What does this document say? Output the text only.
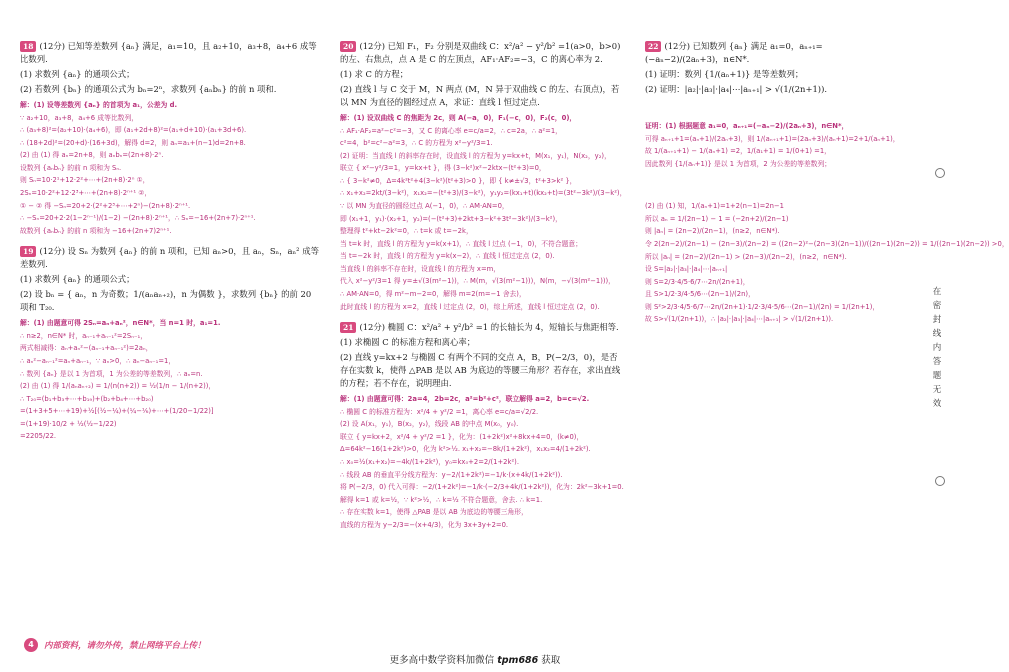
18 (12分) 已知等差数列 {aₙ} 满足，a₁=10，且 a₂+10，a₃+8，a₄+6 成等比数列.

(1) 求数列 {aₙ} 的通项公式；

(2) 若数列 {bₙ} 的通项公式为 bₙ=2ⁿ，求数列 {aₙbₙ} 的前 n 项和.

解：(1) 设等差数列 {aₙ} 的首项为 a₁，公差为 d.
∵ a₂+10，a₃+8，a₄+6 成等比数列，
∴ (a₃+8)²=(a₂+10)·(a₄+6)，即 (a₁+2d+8)²=(a₁+d+10)·(a₁+3d+6).
∴ (18+2d)²=(20+d)·(16+3d)，解得 d=2，则 aₙ=a₁+(n−1)d=2n+8.
(2) 由 (1) 得 aₙ=2n+8，则 aₙbₙ=(2n+8)·2ⁿ.
设数列 {aₙbₙ} 的前 n 项和为 Sₙ.
则 Sₙ=10·2¹+12·2²+⋯+(2n+8)·2ⁿ ①，
2Sₙ=10·2²+12·2³+⋯+(2n+8)·2ⁿ⁺¹ ②，
① − ② 得 −Sₙ=20+2·(2²+2³+⋯+2ⁿ)−(2n+8)·2ⁿ⁺¹.
∴ −Sₙ=20+2·2(1−2ⁿ⁻¹)/(1−2) −(2n+8)·2ⁿ⁺¹，∴ Sₙ=−16+(2n+7)·2ⁿ⁺¹.
故数列 {aₙbₙ} 的前 n 项和为 −16+(2n+7)2ⁿ⁺¹.

19 (12分) 设 Sₙ 为数列 {aₙ} 的前 n 项和，已知 aₙ>0，且 aₙ，Sₙ，aₙ² 成等差数列.

(1) 求数列 {aₙ} 的通项公式；

(2) 设 bₙ = { aₙ，n 为奇数；1/(aₙaₙ₊₂)，n 为偶数 }，求数列 {bₙ} 的前 20 项和 T₂₀.

解：(1) 由题意可得 2Sₙ=aₙ+aₙ²，n∈N*，当 n=1 时，a₁=1.
∴ n≥2，n∈N* 时，aₙ₋₁+aₙ₋₁²=2Sₙ₋₁，
两式相减得：aₙ+aₙ²−(aₙ₋₁+aₙ₋₁²)=2aₙ，
∴ aₙ²−aₙ₋₁²=aₙ+aₙ₋₁，∵ aₙ>0，∴ aₙ−aₙ₋₁=1，
∴ 数列 {aₙ} 是以 1 为首项，1 为公差的等差数列，∴ aₙ=n.
(2) 由 (1) 得 1/(aₙaₙ₊₂) = 1/(n(n+2)) = ½(1/n − 1/(n+2))，
∴ T₂₀=(b₁+b₃+⋯+b₁₉)+(b₂+b₄+⋯+b₂₀)
=(1+3+5+⋯+19)+½[(½−¼)+(¼−⅙)+⋯+(1/20−1/22)]
=(1+19)·10/2 + ½(½−1/22)
=2205/22.

20 (12分) 已知 F₁，F₂ 分别是双曲线 C：x²/a² − y²/b² =1(a>0，b>0) 的左、右焦点，点 A 是 C 的左顶点，AF₁·AF₂=−3，C 的离心率为 2.

(1) 求 C 的方程；

(2) 直线 l 与 C 交于 M，N 两点 (M，N 异于双曲线 C 的左、右顶点)，若以 MN 为直径的圆经过点 A，求证：直线 l 恒过定点.

解：(1) 设双曲线 C 的焦距为 2c，则 A(−a，0)，F₁(−c，0)，F₂(c，0)，
∴ AF₁·AF₂=a²−c²=−3，又 C 的离心率 e=c/a=2，∴ c=2a，∴ a²=1，
c²=4，b²=c²−a²=3，∴ C 的方程为 x²−y²/3=1.
(2) 证明：当直线 l 的斜率存在时，设直线 l 的方程为 y=kx+t，M(x₁，y₁)，N(x₂，y₂)，
联立 { x²−y²/3=1，y=kx+t }，得 (3−k²)x²−2ktx−(t²+3)=0，
∴ { 3−k²≠0，Δ=4k²t²+4(3−k²)(t²+3)>0 }，即 { k≠±√3，t²+3>k² }，
∴ x₁+x₂=2kt/(3−k²)，x₁x₂=−(t²+3)/(3−k²)，y₁y₂=(kx₁+t)(kx₂+t)=(3t²−3k²)/(3−k²)，
∵ 以 MN 为直径的圆经过点 A(−1，0)，∴ AM·AN=0，
即 (x₁+1，y₁)·(x₂+1，y₂)=(−(t²+3)+2kt+3−k²+3t²−3k²)/(3−k²)，
整理得 t²+kt−2k²=0，∴ t=k 或 t=−2k，
当 t=k 时，直线 l 的方程为 y=k(x+1)，∴ 直线 l 过点 (−1，0)，不符合题意；
当 t=−2k 时，直线 l 的方程为 y=k(x−2)，∴ 直线 l 恒过定点 (2，0).
当直线 l 的斜率不存在时，设直线 l 的方程为 x=m，
代入 x²−y²/3=1 得 y=±√(3(m²−1))，∴ M(m，√(3(m²−1)))，N(m，−√(3(m²−1)))，
∴ AM·AN=0，得 m²−m−2=0，解得 m=2(m=−1 舍去)，
此时直线 l 的方程为 x=2，直线 l 过定点 (2，0)，综上所述，直线 l 恒过定点 (2，0).

21 (12分) 椭圆 C：x²/a² + y²/b² =1 的长轴长为 4，短轴长与焦距相等.

(1) 求椭圆 C 的标准方程和离心率；

(2) 直线 y=kx+2 与椭圆 C 有两个不同的交点 A，B，P(−2/3，0)，是否存在实数 k，使得 △PAB 是以 AB 为底边的等腰三角形？若存在，求出直线的方程；若不存在，说明理由.

解：(1) 由题意可得：2a=4，2b=2c，a²=b²+c²，联立解得 a=2，b=c=√2.
∴ 椭圆 C 的标准方程为：x²/4 + y²/2 =1，离心率 e=c/a=√2/2.
(2) 设 A(x₁，y₁)，B(x₂，y₂)，线段 AB 的中点 M(x₀，y₀).
联立 { y=kx+2，x²/4 + y²/2 =1 }，化为：(1+2k²)x²+8kx+4=0，(k≠0)，
Δ=64k²−16(1+2k²)>0，化为 k²>½. x₁+x₂=−8k/(1+2k²)，x₁x₂=4/(1+2k²).
∴ x₀=½(x₁+x₂)=−4k/(1+2k²)，y₀=kx₀+2=2/(1+2k²).
∴ 线段 AB 的垂直平分线方程为：y−2/(1+2k²)=−1/k·(x+4k/(1+2k²)).
将 P(−2/3，0) 代入可得：−2/(1+2k²)=−1/k·(−2/3+4k/(1+2k²))，化为：2k²−3k+1=0.
解得 k=1 或 k=½，∵ k²>½，∴ k=½ 不符合题意，舍去. ∴ k=1.
∴ 存在实数 k=1，使得 △PAB 是以 AB 为底边的等腰三角形，
直线的方程为 y−2/3=−(x+4/3)，化为 3x+3y+2=0.

22 (12分) 已知数列 {aₙ} 满足 a₁=0，aₙ₊₁=(−aₙ−2)/(2aₙ+3)，n∈N*.

(1) 证明：数列 {1/(aₙ+1)} 是等差数列；

(2) 证明：|a₂|·|a₃|·|a₄|⋯|aₙ₊₁| > √(1/(2n+1)).

证明：(1) 根据题意 a₁=0，aₙ₊₁=(−aₙ−2)/(2aₙ+3)，n∈N*，
可得 aₙ₊₁+1=(aₙ+1)/(2aₙ+3)，则 1/(aₙ₊₁+1)=(2aₙ+3)/(aₙ+1)=2+1/(aₙ+1)，
故 1/(aₙ₊₁+1) − 1/(aₙ+1) =2，1/(a₁+1) = 1/(0+1) =1，
因此数列 {1/(aₙ+1)} 是以 1 为首项，2 为公差的等差数列；
(2) 由 (1) 知，1/(aₙ+1)=1+2(n−1)=2n−1
所以 aₙ = 1/(2n−1) − 1 = (−2n+2)/(2n−1)
则 |aₙ| = (2n−2)/(2n−1)，(n≥2，n∈N*).
令 2(2n−2)/(2n−1) − (2n−3)/(2n−2) = ((2n−2)²−(2n−3)(2n−1))/((2n−1)(2n−2)) = 1/((2n−1)(2n−2)) >0，
所以 |aₙ| = (2n−2)/(2n−1) > (2n−3)/(2n−2)，(n≥2，n∈N*).
设 S=|a₂|·|a₃|·|a₄|⋯|aₙ₊₁|
则 S=2/3·4/5·6/7⋯2n/(2n+1)，
且 S>1/2·3/4·5/6⋯(2n−1)/(2n)，
则 S²>2/3·4/5·6/7⋯2n/(2n+1)·1/2·3/4·5/6⋯(2n−1)/(2n) = 1/(2n+1)，
故 S>√(1/(2n+1))，∴ |a₂|·|a₃|·|a₄|⋯|aₙ₊₁| > √(1/(2n+1)).
在密封线内答题无效
4	内部资料，请勿外传，禁止网络平台上传！
更多高中数学资料加微信 tpm686 获取
